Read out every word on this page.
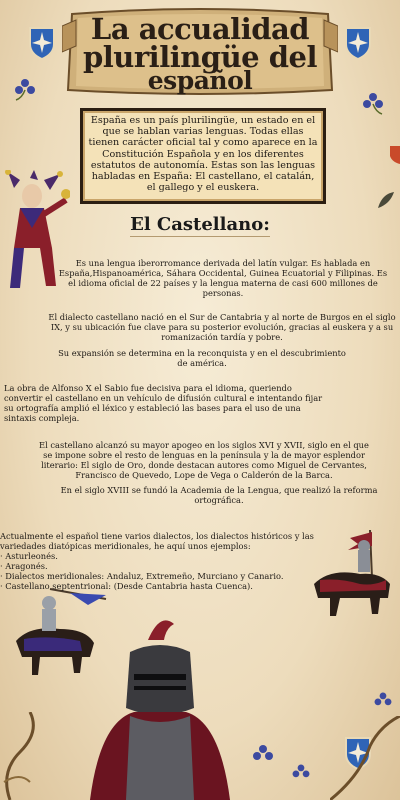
La accualidad
plurilingüe del
español
España es un país plurilingüe, un estado en el que se hablan varias lenguas. Todas ellas tienen carácter oficial tal y como aparece en la Constitución Española y en los diferentes estatutos de autonomía. Estas son las lenguas habladas en España: El castellano, el catalán, el gallego y el euskera.
El Castellano:
Es una lengua iberorromance derivada del latín vulgar. Es hablada en España,Hispanoamérica, Sáhara Occidental, Guinea Ecuatorial y Filipinas. Es el idioma oficial de 22 países y la lengua materna de casi 600 millones de personas.
El dialecto castellano nació en el Sur de Cantabria y al norte de Burgos en el siglo IX, y su ubicación fue clave para su posterior evolución, gracias al euskera y a su romanización tardía y pobre.
Su expansión se determina en la reconquista y en el descubrimiento de américa.
La obra de Alfonso X el Sabio fue decisiva para el idioma, queriendo convertir el castellano en un vehículo de difusión cultural e intentando fijar su ortografía amplió el léxico y estableció las bases para el uso de una sintaxis compleja.
El castellano alcanzó su mayor apogeo en los siglos XVI y XVII, siglo en el que se impone sobre el resto de lenguas en la península y la de mayor esplendor literario: El siglo de Oro, donde destacan autores como Miguel de Cervantes, Francisco de Quevedo, Lope de Vega o Calderón de la Barca.
En el siglo XVIII se fundó la Academia de la Lengua, que realizó la reforma ortográfica.
Actualmente el español tiene varios dialectos, los dialectos históricos y las variedades diatópicas meridionales, he aquí unos ejemplos:
· Asturleonés.
· Aragonés.
· Dialectos meridionales: Andaluz, Extremeño, Murciano y Canario.
· Castellano septentrional: (Desde Cantabria hasta Cuenca).
